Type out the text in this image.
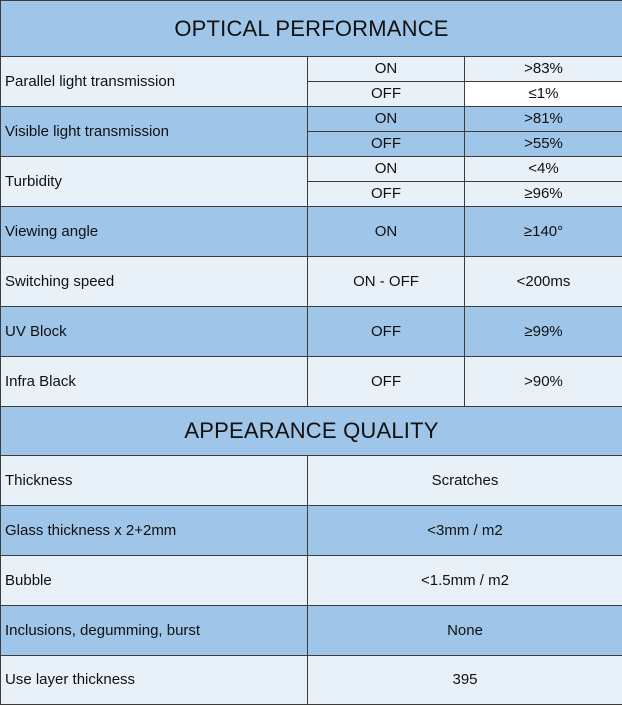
OPTICAL PERFORMANCE		
Parallel light transmission	ON	>83%
	OFF	≤1%
Visible light transmission	ON	>81%
	OFF	>55%
Turbidity	ON	<4%
	OFF	≥96%
Viewing angle	ON	≥140°
Switching speed	ON - OFF	<200ms
UV Block	OFF	≥99%
Infra Black	OFF	>90%
APPEARANCE QUALITY		
Thickness	Scratches	
Glass thickness x 2+2mm	<3mm / m2	
Bubble	<1.5mm / m2	
Inclusions, degumming, burst	None	
Use layer thickness	395	
